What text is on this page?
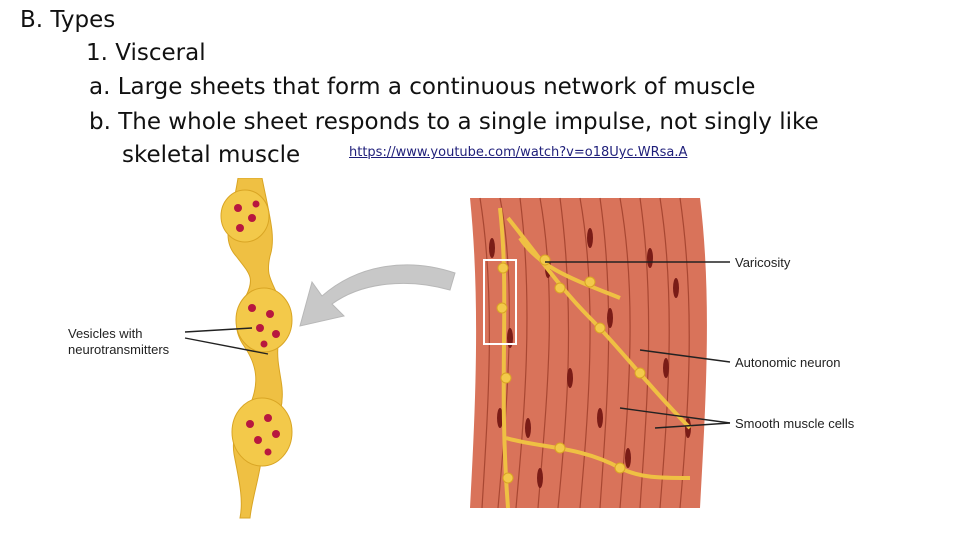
B. Types
1. Visceral
a. Large sheets that form a continuous network of muscle
b. The whole sheet responds to a single impulse, not singly like
skeletal muscle	https://www.youtube.com/watch?v=o18Uyc.WRsa.A
Vesicles with
neurotransmitters
Varicosity
Autonomic neuron
Smooth muscle cells
